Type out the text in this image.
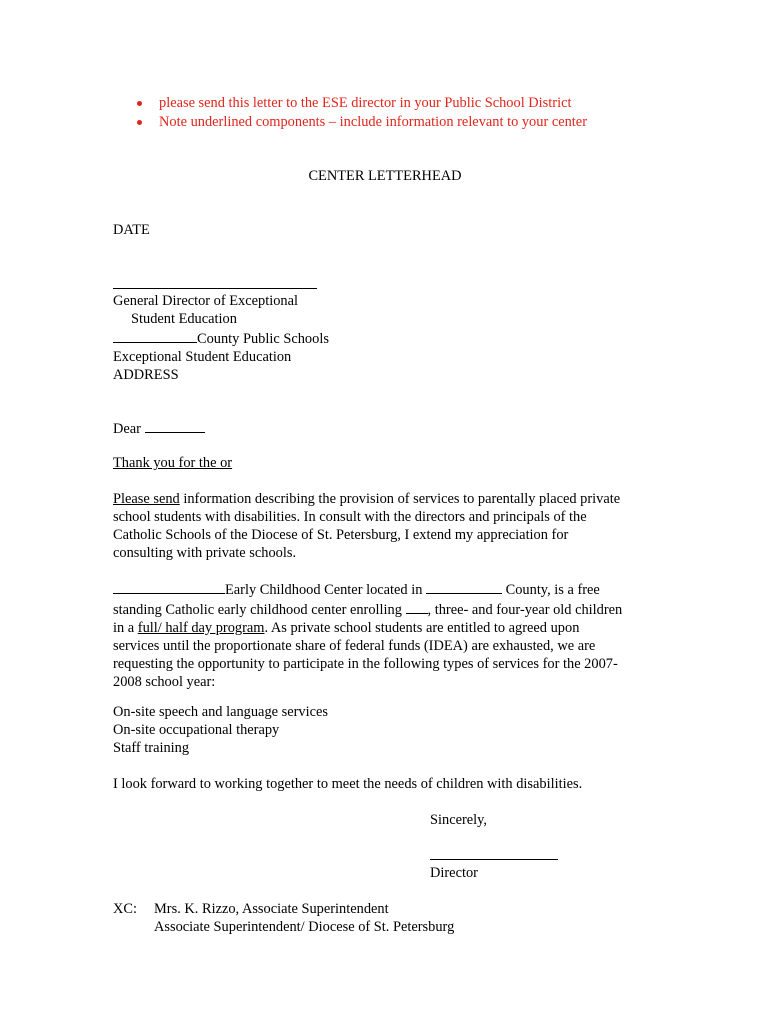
please send this letter to the ESE director in your Public School District
Note underlined components – include information relevant to your center

CENTER LETTERHEAD

DATE

General Director of Exceptional

Student Education

County Public Schools

Exceptional Student Education

ADDRESS

Dear

Thank you for the or

Please send information describing the provision of services to parentally placed private

school students with disabilities. In consult with the directors and principals of the

Catholic Schools of the Diocese of St. Petersburg, I extend my appreciation for

consulting with private schools.

Early Childhood Center located in	County, is a free

standing Catholic early childhood center enrolling , three- and four-year old children

in a full/ half day program. As private school students are entitled to agreed upon

services until the proportionate share of federal funds (IDEA) are exhausted, we are

requesting the opportunity to participate in the following types of services for the 2007-

2008 school year:

On-site speech and language services

On-site occupational therapy

Staff training

I look forward to working together to meet the needs of children with disabilities.

Sincerely,

Director

XC: Mrs. K. Rizzo, Associate Superintendent

Associate Superintendent/ Diocese of St. Petersburg
